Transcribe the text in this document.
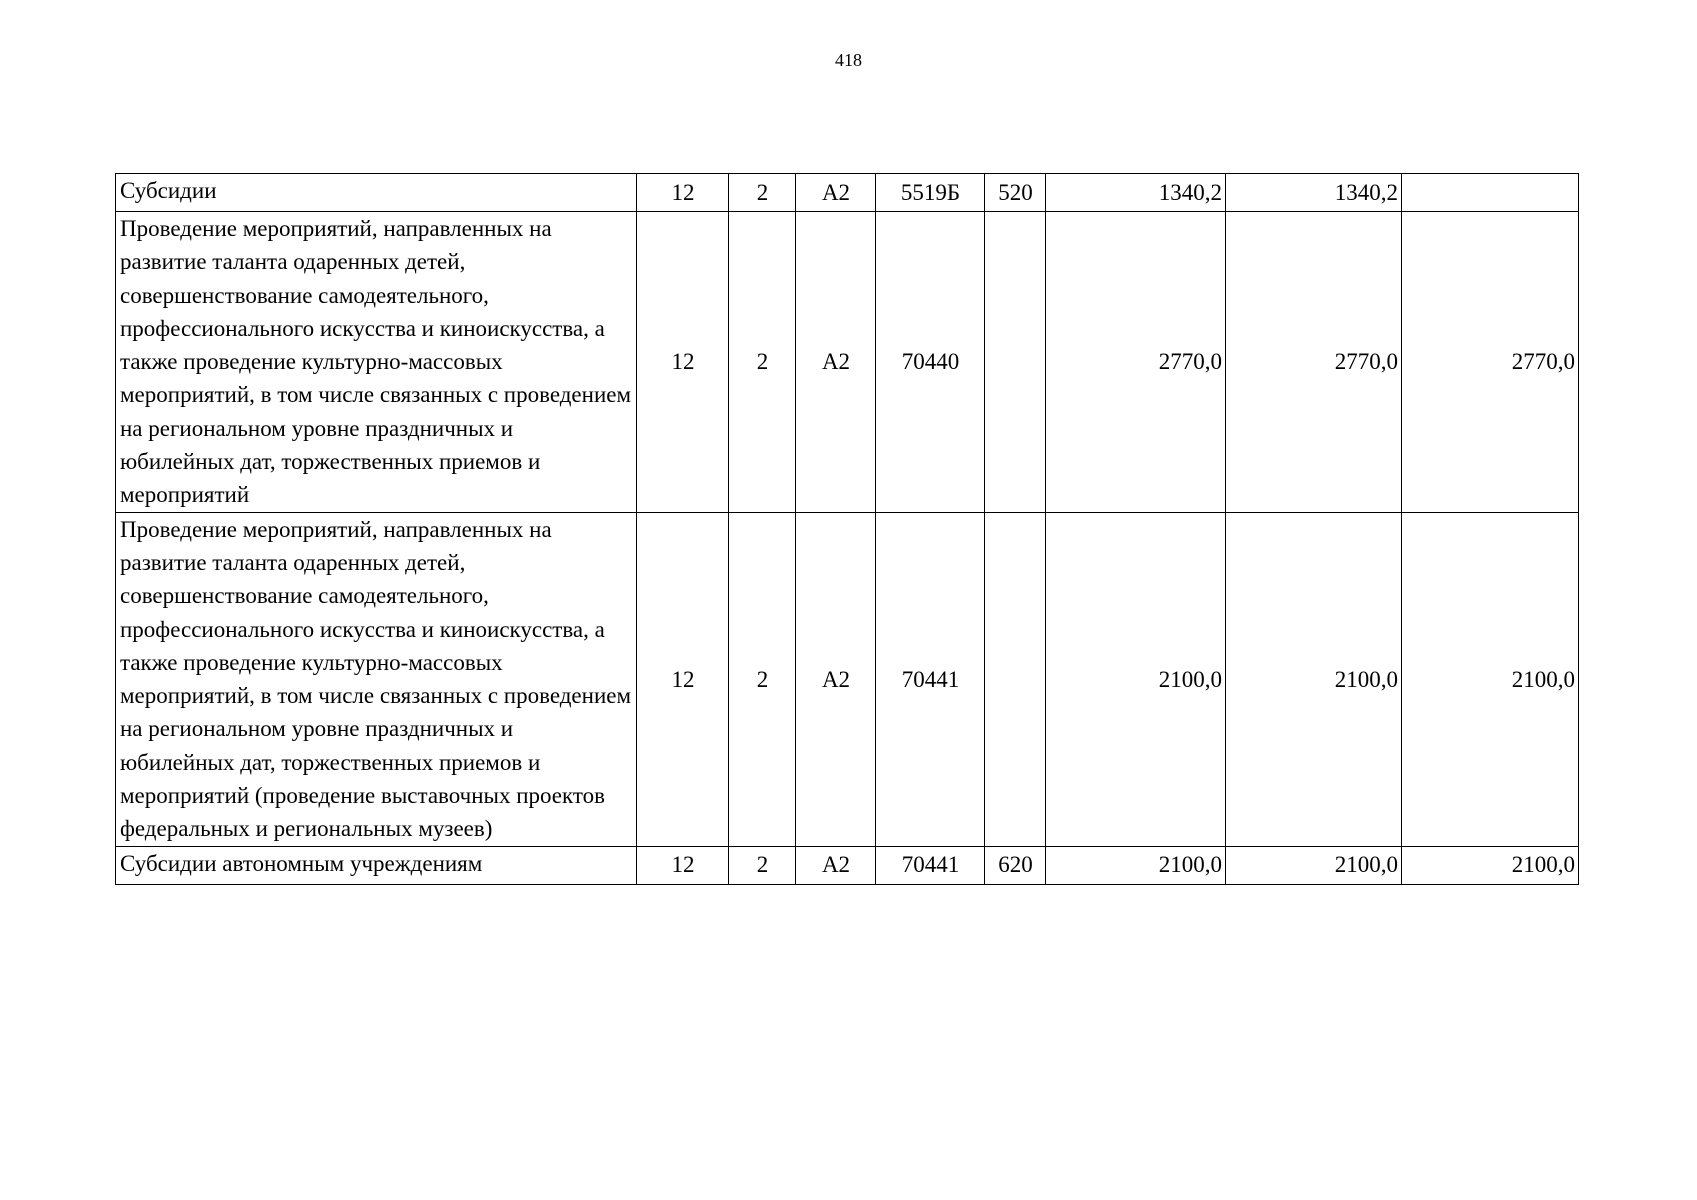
418
Субсидии	12	2	А2	5519Б	520	1340,2	1340,2	
Проведение мероприятий, направленных на развитие таланта одаренных детей, совершенствование самодеятельного, профессионального искусства и киноискусства, а также проведение культурно-массовых мероприятий, в том числе связанных с проведением на региональном уровне праздничных и юбилейных дат, торжественных приемов и мероприятий	12	2	А2	70440		2770,0	2770,0	2770,0
Проведение мероприятий, направленных на развитие таланта одаренных детей, совершенствование самодеятельного, профессионального искусства и киноискусства, а также проведение культурно-массовых мероприятий, в том числе связанных с проведением на региональном уровне праздничных и юбилейных дат, торжественных приемов и мероприятий (проведение выставочных проектов федеральных и региональных музеев)	12	2	А2	70441		2100,0	2100,0	2100,0
Субсидии автономным учреждениям	12	2	А2	70441	620	2100,0	2100,0	2100,0
